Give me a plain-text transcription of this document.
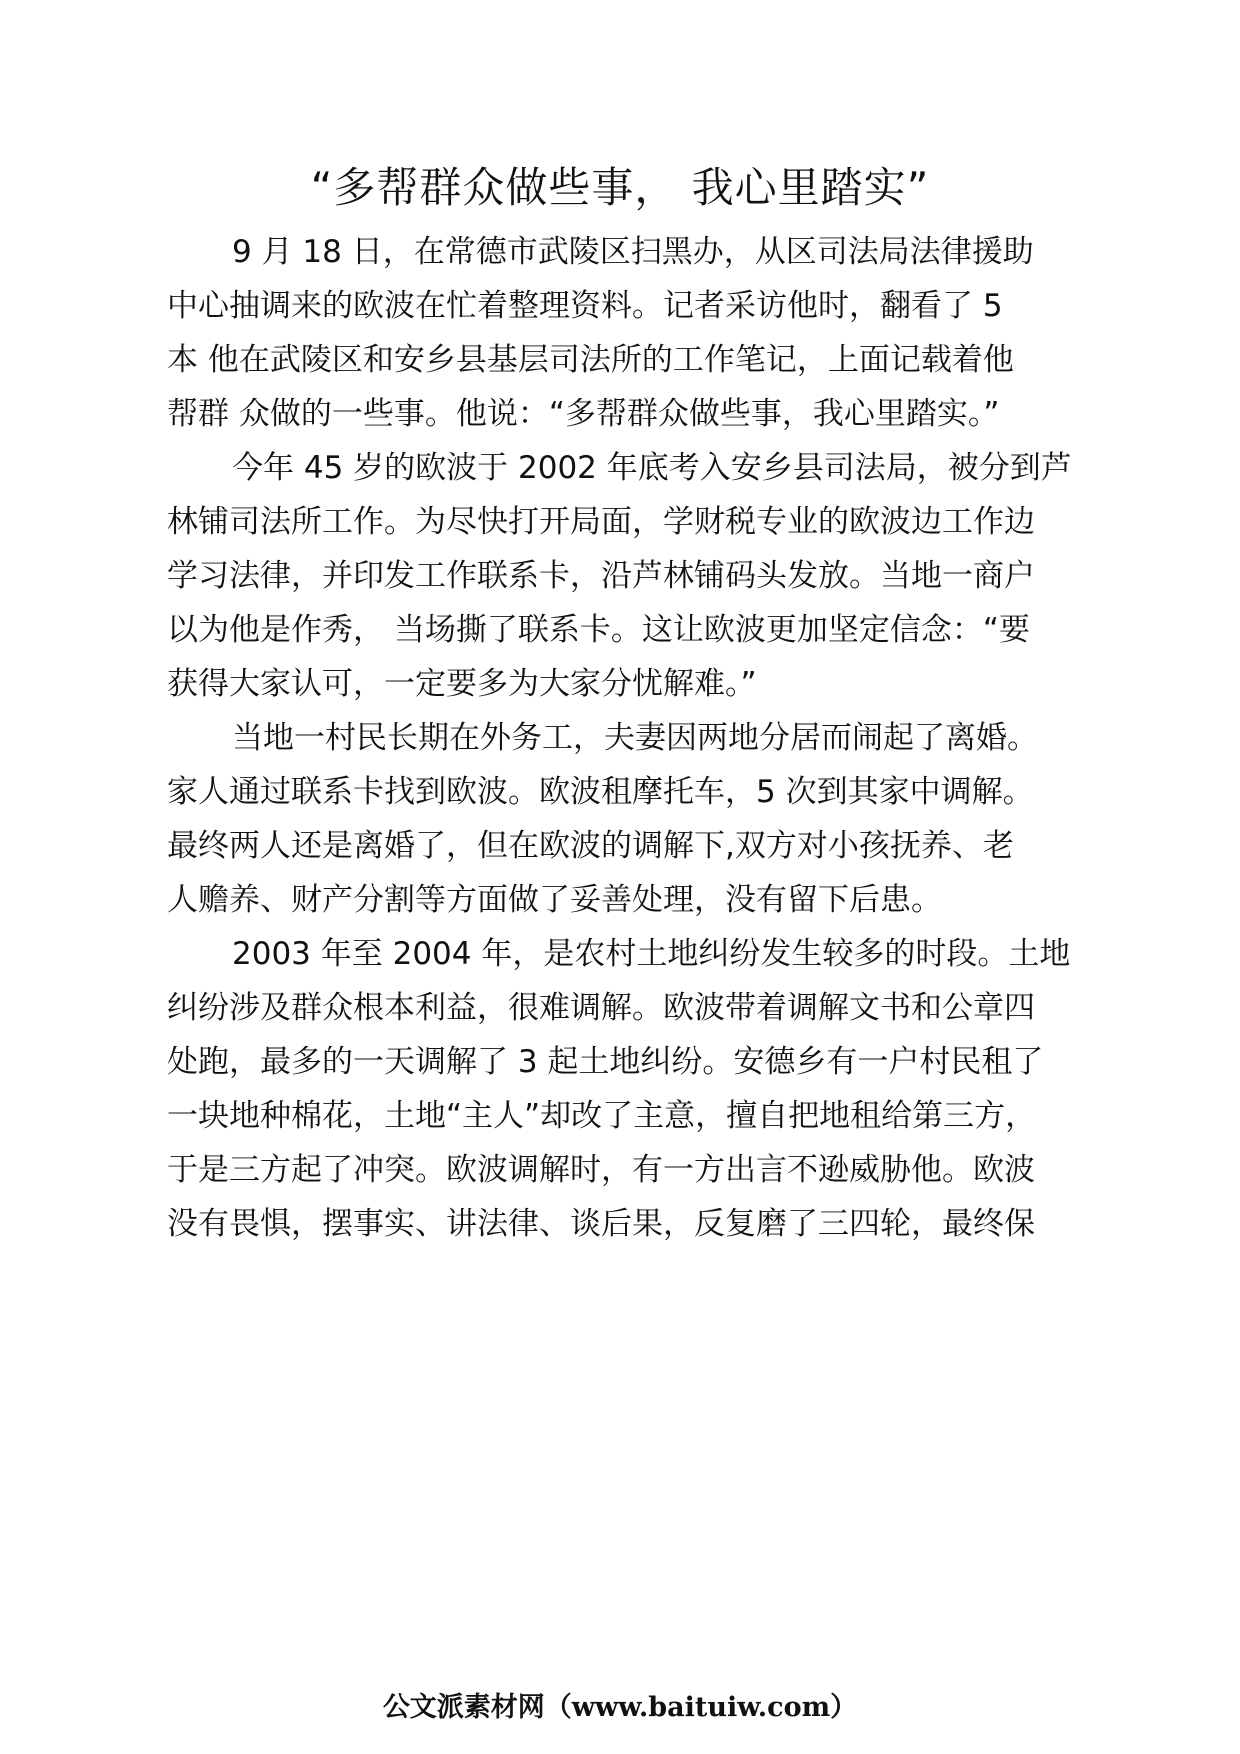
“多帮群众做些事， 我心里踏实”
9 月 18 日，在常德市武陵区扫黑办，从区司法局法律援助
中心抽调来的欧波在忙着整理资料。记者采访他时，翻看了 5
本 他在武陵区和安乡县基层司法所的工作笔记，上面记载着他
帮群 众做的一些事。他说：“多帮群众做些事，我心里踏实。”
今年 45 岁的欧波于 2002 年底考入安乡县司法局，被分到芦
林铺司法所工作。为尽快打开局面，学财税专业的欧波边工作边
学习法律，并印发工作联系卡，沿芦林铺码头发放。当地一商户
以为他是作秀， 当场撕了联系卡。这让欧波更加坚定信念：“要
获得大家认可，一定要多为大家分忧解难。”
当地一村民长期在外务工，夫妻因两地分居而闹起了离婚。
家人通过联系卡找到欧波。欧波租摩托车，5 次到其家中调解。
最终两人还是离婚了，但在欧波的调解下,双方对小孩抚养、老
人赡养、财产分割等方面做了妥善处理，没有留下后患。
2003 年至 2004 年，是农村土地纠纷发生较多的时段。土地
纠纷涉及群众根本利益，很难调解。欧波带着调解文书和公章四
处跑，最多的一天调解了 3 起土地纠纷。安德乡有一户村民租了
一块地种棉花，土地“主人”却改了主意，擅自把地租给第三方，
于是三方起了冲突。欧波调解时，有一方出言不逊威胁他。欧波
没有畏惧，摆事实、讲法律、谈后果，反复磨了三四轮，最终保
公文派素材网（www.baituiw.com）
